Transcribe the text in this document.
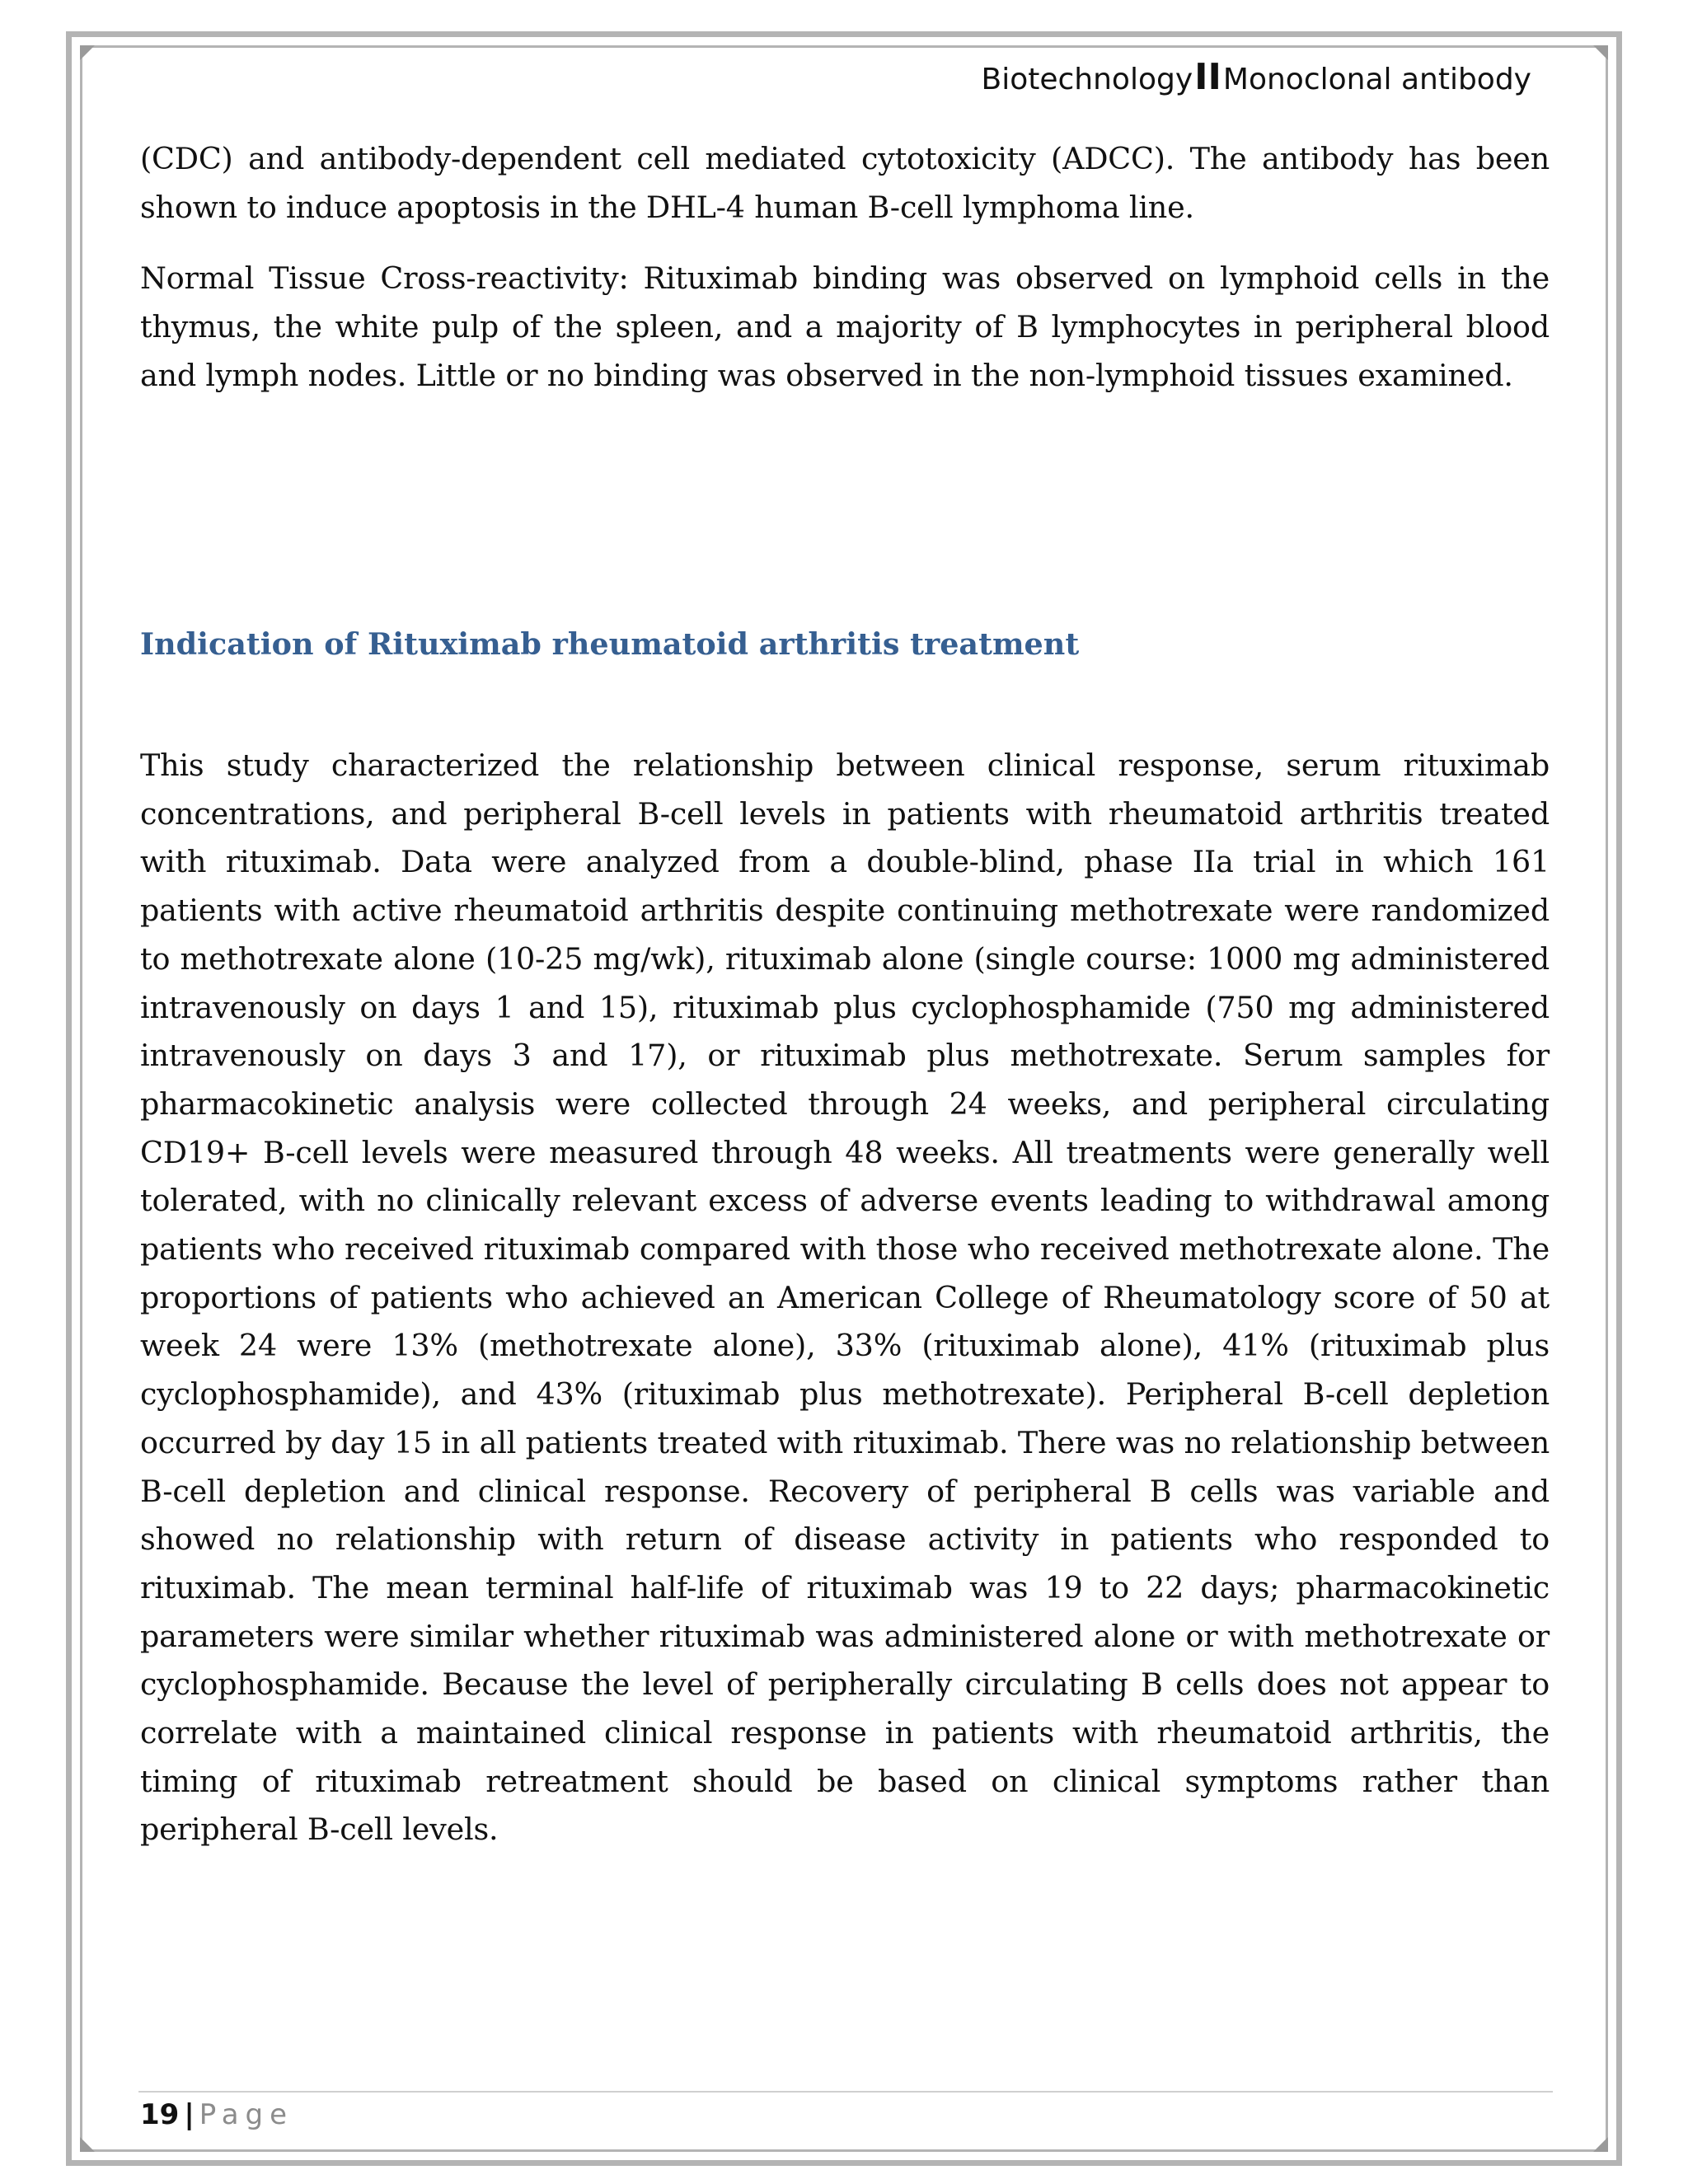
BiotechnologyIIMonoclonal antibody

(CDC) and antibody-dependent cell mediated cytotoxicity (ADCC). The antibody has been shown to induce apoptosis in the DHL-4 human B-cell lymphoma line.

Normal Tissue Cross-reactivity: Rituximab binding was observed on lymphoid cells in the thymus, the white pulp of the spleen, and a majority of B lymphocytes in peripheral blood and lymph nodes. Little or no binding was observed in the non-lymphoid tissues examined.

Indication of Rituximab rheumatoid arthritis treatment

This study characterized the relationship between clinical response, serum rituximab concentrations, and peripheral B-cell levels in patients with rheumatoid arthritis treated with rituximab. Data were analyzed from a double-blind, phase IIa trial in which 161 patients with active rheumatoid arthritis despite continuing methotrexate were randomized to methotrexate alone (10-25 mg/wk), rituximab alone (single course: 1000 mg administered intravenously on days 1 and 15), rituximab plus cyclophosphamide (750 mg administered intravenously on days 3 and 17), or rituximab plus methotrexate. Serum samples for pharmacokinetic analysis were collected through 24 weeks, and peripheral circulating CD19+ B-cell levels were measured through 48 weeks. All treatments were generally well tolerated, with no clinically relevant excess of adverse events leading to withdrawal among patients who received rituximab compared with those who received methotrexate alone. The proportions of patients who achieved an American College of Rheumatology score of 50 at week 24 were 13% (methotrexate alone), 33% (rituximab alone), 41% (rituximab plus cyclophosphamide), and 43% (rituximab plus methotrexate). Peripheral B-cell depletion occurred by day 15 in all patients treated with rituximab. There was no relationship between B-cell depletion and clinical response. Recovery of peripheral B cells was variable and showed no relationship with return of disease activity in patients who responded to rituximab. The mean terminal half-life of rituximab was 19 to 22 days; pharmacokinetic parameters were similar whether rituximab was administered alone or with methotrexate or cyclophosphamide. Because the level of peripherally circulating B cells does not appear to correlate with a maintained clinical response in patients with rheumatoid arthritis, the timing of rituximab retreatment should be based on clinical symptoms rather than peripheral B-cell levels.

19 | Page
